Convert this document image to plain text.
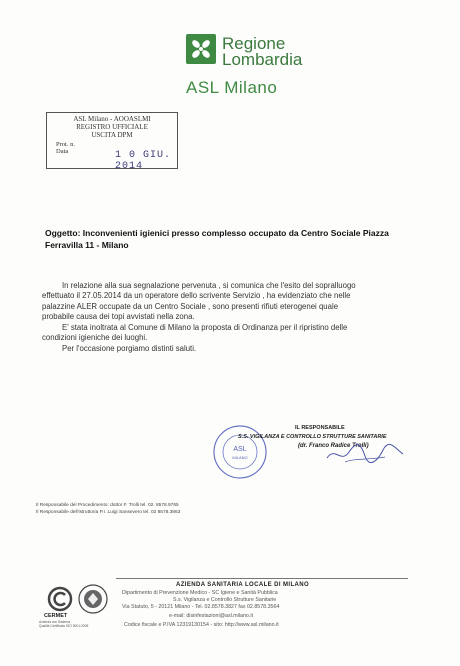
Regione
Lombardia
ASL Milano
ASL Milano - AOOASLMI
REGISTRO UFFICIALE
USCITA DPM
Prot. n.
Data	1 0 GIU. 2014
Oggetto: Inconvenienti igienici presso complesso occupato da Centro Sociale Piazza
Ferravilla 11 - Milano
In relazione alla sua segnalazione pervenuta , si comunica che l'esito del sopralluogo
effettuato il 27.05.2014 da un operatore dello scrivente Servizio , ha evidenziato che nelle
palazzine ALER occupate da un Centro Sociale , sono presenti rifiuti eterogenei quale
probabile causa dei topi avvistati nella zona.
E' stata inoltrata al Comune di Milano la proposta di Ordinanza per il ripristino delle
condizioni igieniche dei luoghi.
Per l'occasione porgiamo distinti saluti.
ASL
MILANO
IL RESPONSABILE
S.S. VIGILANZA E CONTROLLO STRUTTURE SANITARIE
(dr. Franco Radice Trolli)
Il Responsabile del Procedimento: dottor F. Trolli tel. 02. 8578.9765
Il Responsabile dell'istruttoria P.I. Luigi Sansevero tel. 02 8578.3863
AZIENDA SANITARIA LOCALE DI MILANO
Dipartimento di Prevenzione Medico - SC Igiene e Sanità Pubblica
S.s. Vigilanza e Controllo Strutture Sanitarie
Via Statuto, 5 - 20121 Milano - Tel. 02.8578.3827 fax 02.8578.3564
e-mail: disinfestazioni@asl.milano.it
Codice fiscale e P.IVA 12319130154 - sito: http://www.asl.milano.it
CERMET
Azienda con Sistema
Qualità Certificato ISO 9001:2008
